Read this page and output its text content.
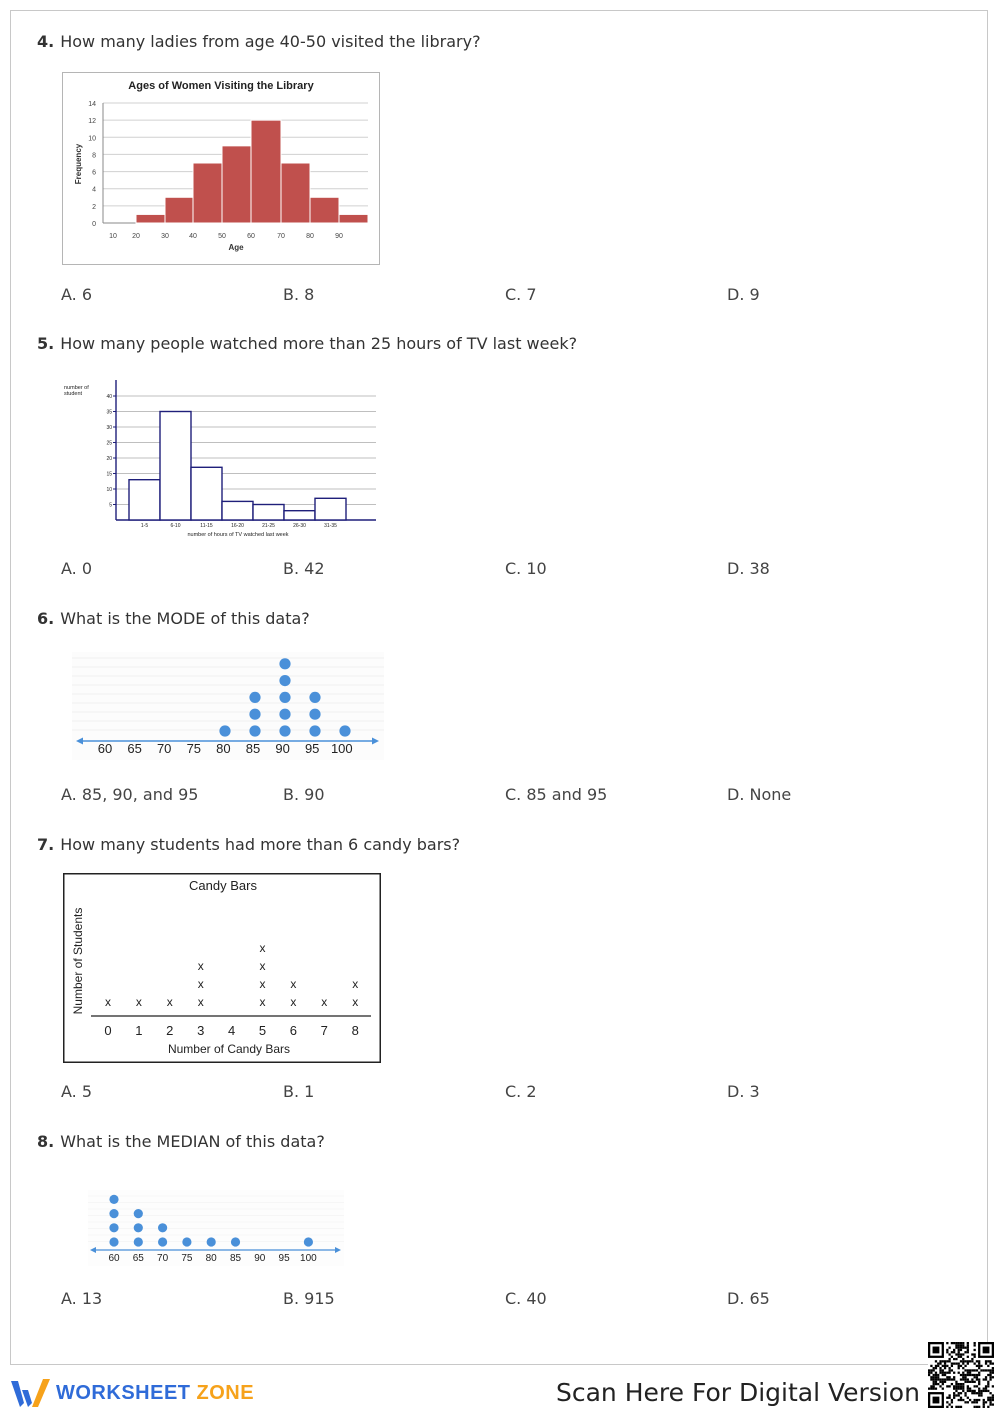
4. How many ladies from age 40-50 visited the library?
Ages of Women Visiting the Library
0
2
4
6
8
10
12
14
10 20	30	40	50	60	70	80	90
Age
Frequency
A. 6	B. 8	C. 7	D. 9
5. How many people watched more than 25 hours of TV last week?
5
10
15
20
25
30
35
40
number of student
1-5	6-10	11-15	16-20	21-25	26-30	31-35
number of hours of TV watched last week
A. 0	B. 42	C. 10	D. 38
6. What is the MODE of this data?
60 65 70 75 80 85 90 95 100
A. 85, 90, and 95	B. 90	C. 85 and 95	D. None
7. How many students had more than 6 candy bars?
Candy Bars
0
x
1
x
2
x
3
x
x
x
4 5
x
x
x
x
6
x
x
7
x
8
x
x
Number of Candy Bars
Number of Students
A. 5	B. 1	C. 2	D. 3
8. What is the MEDIAN of this data?
60 65 70 75 80 85 90 95 100
A. 13	B. 915	C. 40	D. 65
WORKSHEET ZONE	Scan Here For Digital Version
